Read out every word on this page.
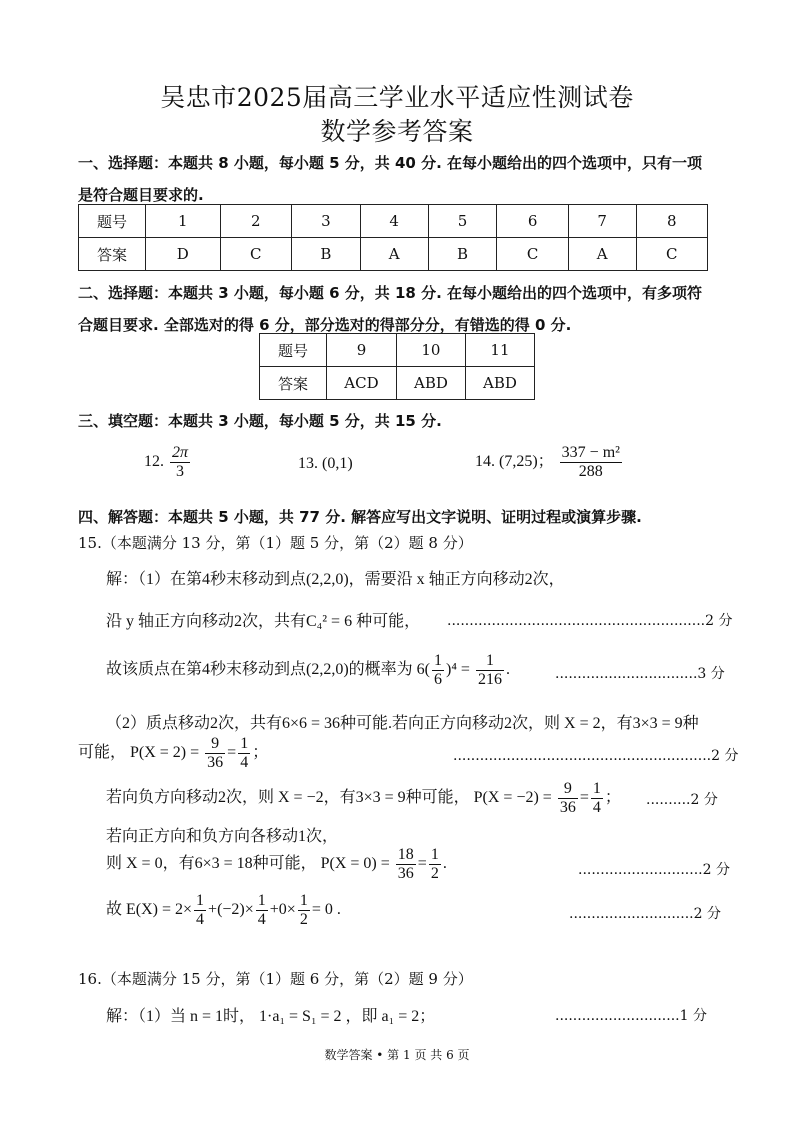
吴忠市2025届高三学业水平适应性测试卷
数学参考答案
一、选择题：本题共 8 小题，每小题 5 分，共 40 分. 在每小题给出的四个选项中，只有一项
是符合题目要求的.
题号	1	2	3	4	5	6	7	8
答案	D	C	B	A	B	C	A	C
二、选择题：本题共 3 小题，每小题 6 分，共 18 分. 在每小题给出的四个选项中，有多项符
合题目要求. 全部选对的得 6 分，部分选对的得部分分，有错选的得 0 分.
题号	9	10	11
答案	ACD	ABD	ABD
三、填空题：本题共 3 小题，每小题 5 分，共 15 分.
12. $\frac{2\pi}{3}$	13. (0,1)	14. (7,25)； $\frac{\text{337 − m²}}{288}$
四、解答题：本题共 5 小题，共 77 分. 解答应写出文字说明、证明过程或演算步骤.
15.（本题满分 13 分，第（1）题 5 分，第（2）题 8 分）
解：（1）在第4秒末移动到点(2,2,0)，需要沿 x 轴正方向移动2次，
沿 y 轴正方向移动2次，共有C₄² = 6 种可能， ..........................................................2 分
故该质点在第4秒末移动到点(2,2,0)的概率为 $6( \frac{1}{6} )^4 = \frac{1}{216}$ .	................................3 分
（2）质点移动2次，共有6×6 = 36种可能.若向正方向移动2次，则 X = 2，有3×3 = 9种
可能， $P(X = 2) = \frac{9}{36} = \frac{1}{4}$ ；	..........................................................2 分
若向负方向移动2次，则 X = −2，有3×3 = 9种可能， $P(X = -2) = \frac{9}{36} = \frac{1}{4}$ ； ..........2 分
若向正方向和负方向各移动1次，
则 X = 0，有6×3 = 18种可能， $P(X = 0) = \frac{18}{36} = \frac{1}{2}$ .	............................2 分
故 $E(X) = 2\times \frac{1}{4} +(-2)\times \frac{1}{4} +0\times \frac{1}{2} = 0$ .	............................2 分
16.（本题满分 15 分，第（1）题 6 分，第（2）题 9 分）
解：（1）当 n = 1时， 1·a₁ = S₁ = 2 ，即 a₁ = 2；	............................1 分
数学答案 • 第 1 页 共 6 页
